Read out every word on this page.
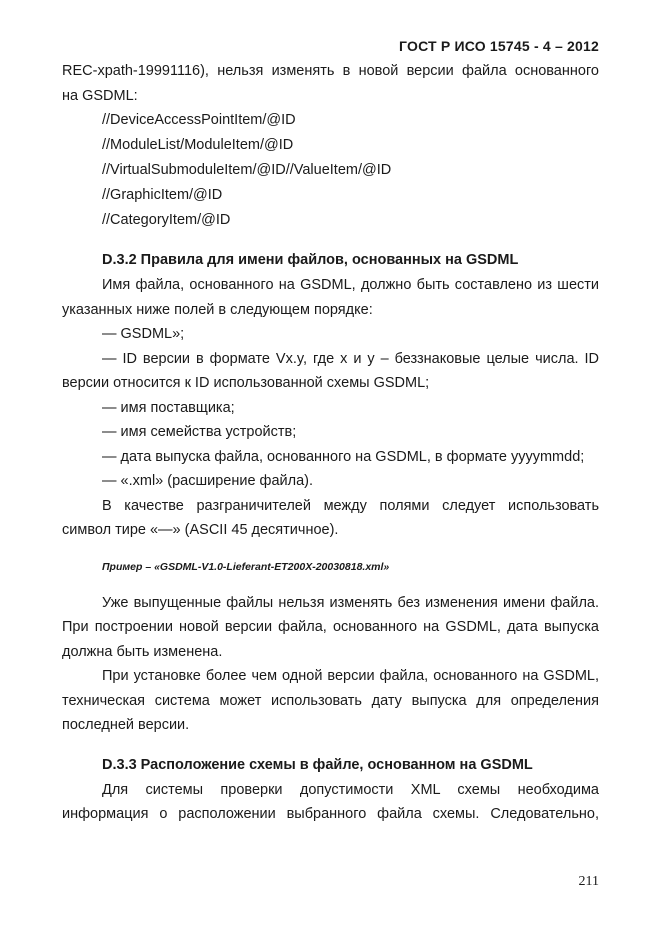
ГОСТ Р ИСО 15745 - 4 – 2012

REC-xpath-19991116), нельзя изменять в новой версии файла основанного

на GSDML:

//DeviceAccessPointItem/@ID

//ModuleList/ModuleItem/@ID

//VirtualSubmoduleItem/@ID//ValueItem/@ID

//GraphicItem/@ID

//CategoryItem/@ID

D.3.2 Правила для имени файлов, основанных на GSDML

Имя файла, основанного на GSDML, должно быть составлено из шести указанных ниже полей в следующем порядке:

— GSDML»;

— ID версии в формате Vx.y, где x и y – беззнаковые целые числа. ID версии относится к ID использованной схемы GSDML;

— имя поставщика;

— имя семейства устройств;

— дата выпуска файла, основанного на GSDML, в формате yyyymmdd;

— «.xml» (расширение файла).

В качестве разграничителей между полями следует использовать символ тире «—» (ASCII 45 десятичное).

Пример – «GSDML-V1.0-Lieferant-ET200X-20030818.xml»

Уже выпущенные файлы нельзя изменять без изменения имени файла. При построении новой версии файла, основанного на GSDML, дата выпуска должна быть изменена.

При установке более чем одной версии файла, основанного на GSDML, техническая система может использовать дату выпуска для определения последней версии.

D.3.3 Расположение схемы в файле, основанном на GSDML

Для системы проверки допустимости XML схемы необходима информация о расположении выбранного файла схемы. Следовательно,

211
